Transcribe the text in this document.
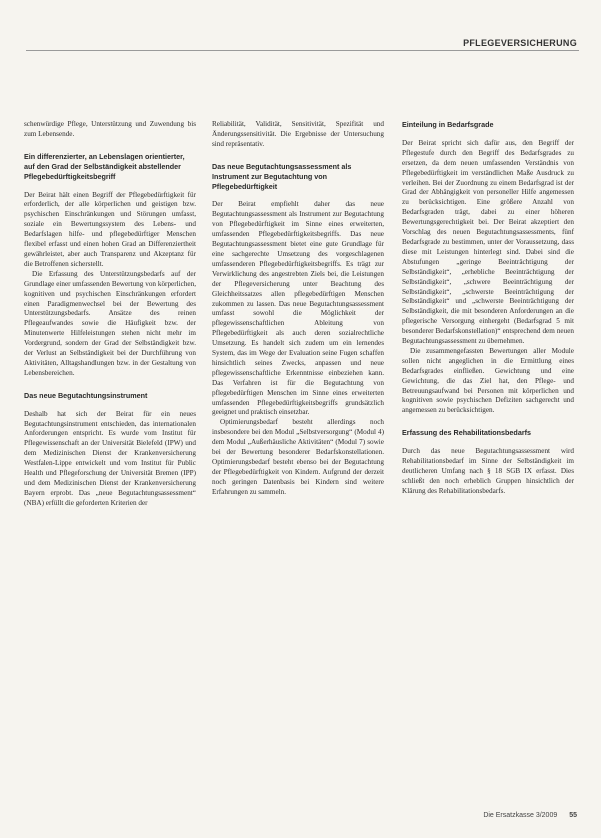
PFLEGEVERSICHERUNG

schenwürdige Pflege, Unterstützung und Zuwendung bis zum Lebensende.

Ein differenzierter, an Lebenslagen orientierter, auf den Grad der Selbständigkeit abstellender Pflegebedürftigkeitsbegriff

Der Beirat hält einen Begriff der Pflegebedürftigkeit für erforderlich, der alle körperlichen und geistigen bzw. psychischen Einschränkungen und Störungen umfasst, soziale ein Bewertungssystem des Lebens- und Bedarfslagen hilfe- und pflegebedürftiger Menschen flexibel erfasst und einen hohen Grad an Differenziertheit gewährleistet, aber auch Transparenz und Akzeptanz für die Betroffenen sicherstellt.

Die Erfassung des Unterstützungsbedarfs auf der Grundlage einer umfassenden Bewertung von körperlichen, kognitiven und psychischen Einschränkungen erfordert einen Paradigmenwechsel bei der Bewertung des Unterstützungsbedarfs. Ansätze des reinen Pflegeaufwandes sowie die Häufigkeit bzw. der Minutenwerte Hilfeleistungen stehen nicht mehr im Vordergrund, sondern der Grad der Selbständigkeit bzw. der Verlust an Selbständigkeit bei der Durchführung von Aktivitäten, Alltagshandlungen bzw. in der Gestaltung von Lebensbereichen.

Das neue Begutachtungsinstrument

Deshalb hat sich der Beirat für ein neues Begutachtungsinstrument entschieden, das internationalen Anforderungen entspricht. Es wurde vom Institut für Pflegewissenschaft an der Universität Bielefeld (IPW) und dem Medizinischen Dienst der Krankenversicherung Westfalen-Lippe entwickelt und vom Institut für Public Health und Pflegeforschung der Universität Bremen (IPP) und dem Medizinischen Dienst der Krankenversicherung Bayern erprobt. Das „neue Begutachtungsassessment“ (NBA) erfüllt die geforderten Kriterien der

Reliabilität, Validität, Sensitivität, Spezifität und Änderungssensitivität. Die Ergebnisse der Untersuchung sind repräsentativ.

Das neue Begutachtungsassessment als Instrument zur Begutachtung von Pflegebedürftigkeit

Der Beirat empfiehlt daher das neue Begutachtungsassessment als Instrument zur Begutachtung von Pflegebedürftigkeit im Sinne eines erweiterten, umfassenden Pflegebedürftigkeitsbegriffs. Das neue Begutachtungsassessment bietet eine gute Grundlage für eine sachgerechte Umsetzung des vorgeschlagenen umfassenderen Pflegebedürftigkeitsbegriffs. Es trägt zur Verwirklichung des angestrebten Ziels bei, die Leistungen der Pflegeversicherung unter Beachtung des Gleichheitssatzes allen pflegebedürftigen Menschen zukommen zu lassen. Das neue Begutachtungsassessment umfasst sowohl die Möglichkeit der pflegewissenschaftlichen Ableitung von Pflegebedürftigkeit als auch deren sozialrechtliche Umsetzung. Es handelt sich zudem um ein lernendes System, das im Wege der Evaluation seine Fugen schaffen hinsichtlich seines Zwecks, anpassen und neue pflegewissenschaftliche Erkenntnisse einbeziehen kann. Das Verfahren ist für die Begutachtung von pflegebedürftigen Menschen im Sinne eines erweiterten umfassenden Pflegebedürftigkeitsbegriffs grundsätzlich geeignet und praktisch einsetzbar.

Optimierungsbedarf besteht allerdings noch insbesondere bei den Modul „Selbstversorgung“ (Modul 4) dem Modul „Außerhäusliche Aktivitäten“ (Modul 7) sowie bei der Bewertung besonderer Bedarfskonstellationen. Optimierungsbedarf besteht ebenso bei der Begutachtung der Pflegebedürftigkeit von Kindern. Aufgrund der derzeit noch geringen Datenbasis bei Kindern sind weitere Erfahrungen zu sammeln.

Einteilung in Bedarfsgrade

Der Beirat spricht sich dafür aus, den Begriff der Pflegestufe durch den Begriff des Bedarfsgrades zu ersetzen, da dem neuen umfassenden Verständnis von Pflegebedürftigkeit im verständlichen Maße Ausdruck zu verleihen. Bei der Zuordnung zu einem Bedarfsgrad ist der Grad der Abhängigkeit von personeller Hilfe angemessen zu berücksichtigen. Eine größere Anzahl von Bedarfsgraden trägt, dabei zu einer höheren Bewertungsgerechtigkeit bei. Der Beirat akzeptiert den Vorschlag des neuen Begutachtungsassessments, fünf Bedarfsgrade zu bestimmen, unter der Voraussetzung, dass diese mit Leistungen hinterlegt sind. Dabei sind die Abstufungen „geringe Beeinträchtigung der Selbständigkeit“, „erhebliche Beeinträchtigung der Selbständigkeit“, „schwere Beeinträchtigung der Selbständigkeit“, „schwerste Beeinträchtigung der Selbständigkeit“ und „schwerste Beeinträchtigung der Selbständigkeit, die mit besonderen Anforderungen an die pflegerische Versorgung einhergeht (Bedarfsgrad 5 mit besonderer Bedarfskonstellation)“ entsprechend dem neuen Begutachtungsassessment zu übernehmen.

Die zusammengefassten Bewertungen aller Module sollen nicht angeglichen in die Ermittlung eines Bedarfsgrades einfließen. Gewichtung und eine Gewichtung, die das Ziel hat, den Pflege- und Betreuungsaufwand bei Personen mit körperlichen und kognitiven sowie psychischen Defiziten sachgerecht und angemessen zu berücksichtigen.

Erfassung des Rehabilitationsbedarfs

Durch das neue Begutachtungsassessment wird Rehabilitationsbedarf im Sinne der Selbständigkeit im deutlicheren Umfang nach § 18 SGB IX erfasst. Dies schließt den noch erheblich Gruppen hinsichtlich der Klärung des Rehabilitationsbedarfs.

Die Ersatzkasse 3/2009 55
